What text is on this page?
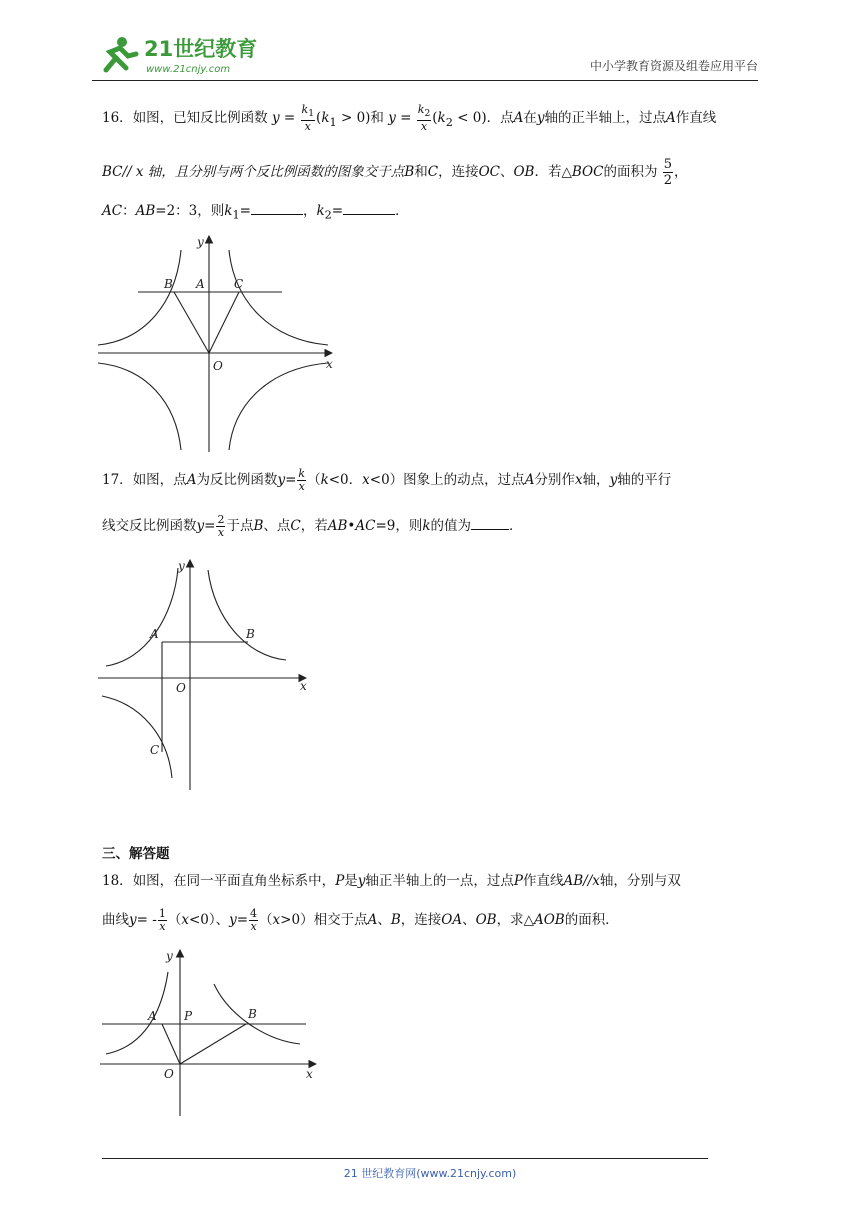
21世纪教育
www.21cnjy.com	中小学教育资源及组卷应用平台
16．如图，已知反比例函数 $y = \frac{k_1}{x} (k_1 > 0)$和 $y = \frac{k_2}{x} (k_2 < 0)$．点A在y轴的正半轴上，过点A作直线
BC// x 轴，且分别与两个反比例函数的图象交于点B和C，连接OC、OB．若△BOC的面积为 $\frac{5}{2}$ ，
AC：AB=2：3，则$k_1=$	，$k_2=$	．
B A C
O	x
y
17．如图，点A为反比例函数$y= \frac{k}{x} (k<0$．x<0）图象上的动点，过点A分别作x轴，y轴的平行
线交反比例函数$y= \frac{2}{x}$ 于点B、点C，若AB•AC=9，则k的值为	．
A	B
C
O	x
y
三、解答题
18．如图，在同一平面直角坐标系中，P是y轴正半轴上的一点，过点P作直线AB//x轴，分别与双
曲线$y= - \frac{1}{x} (x<0)$、$y= \frac{4}{x} (x>0)$相交于点A、B，连接OA、OB，求△AOB的面积．
A P	B
O	x
y
21 世纪教育网(www.21cnjy.com)
